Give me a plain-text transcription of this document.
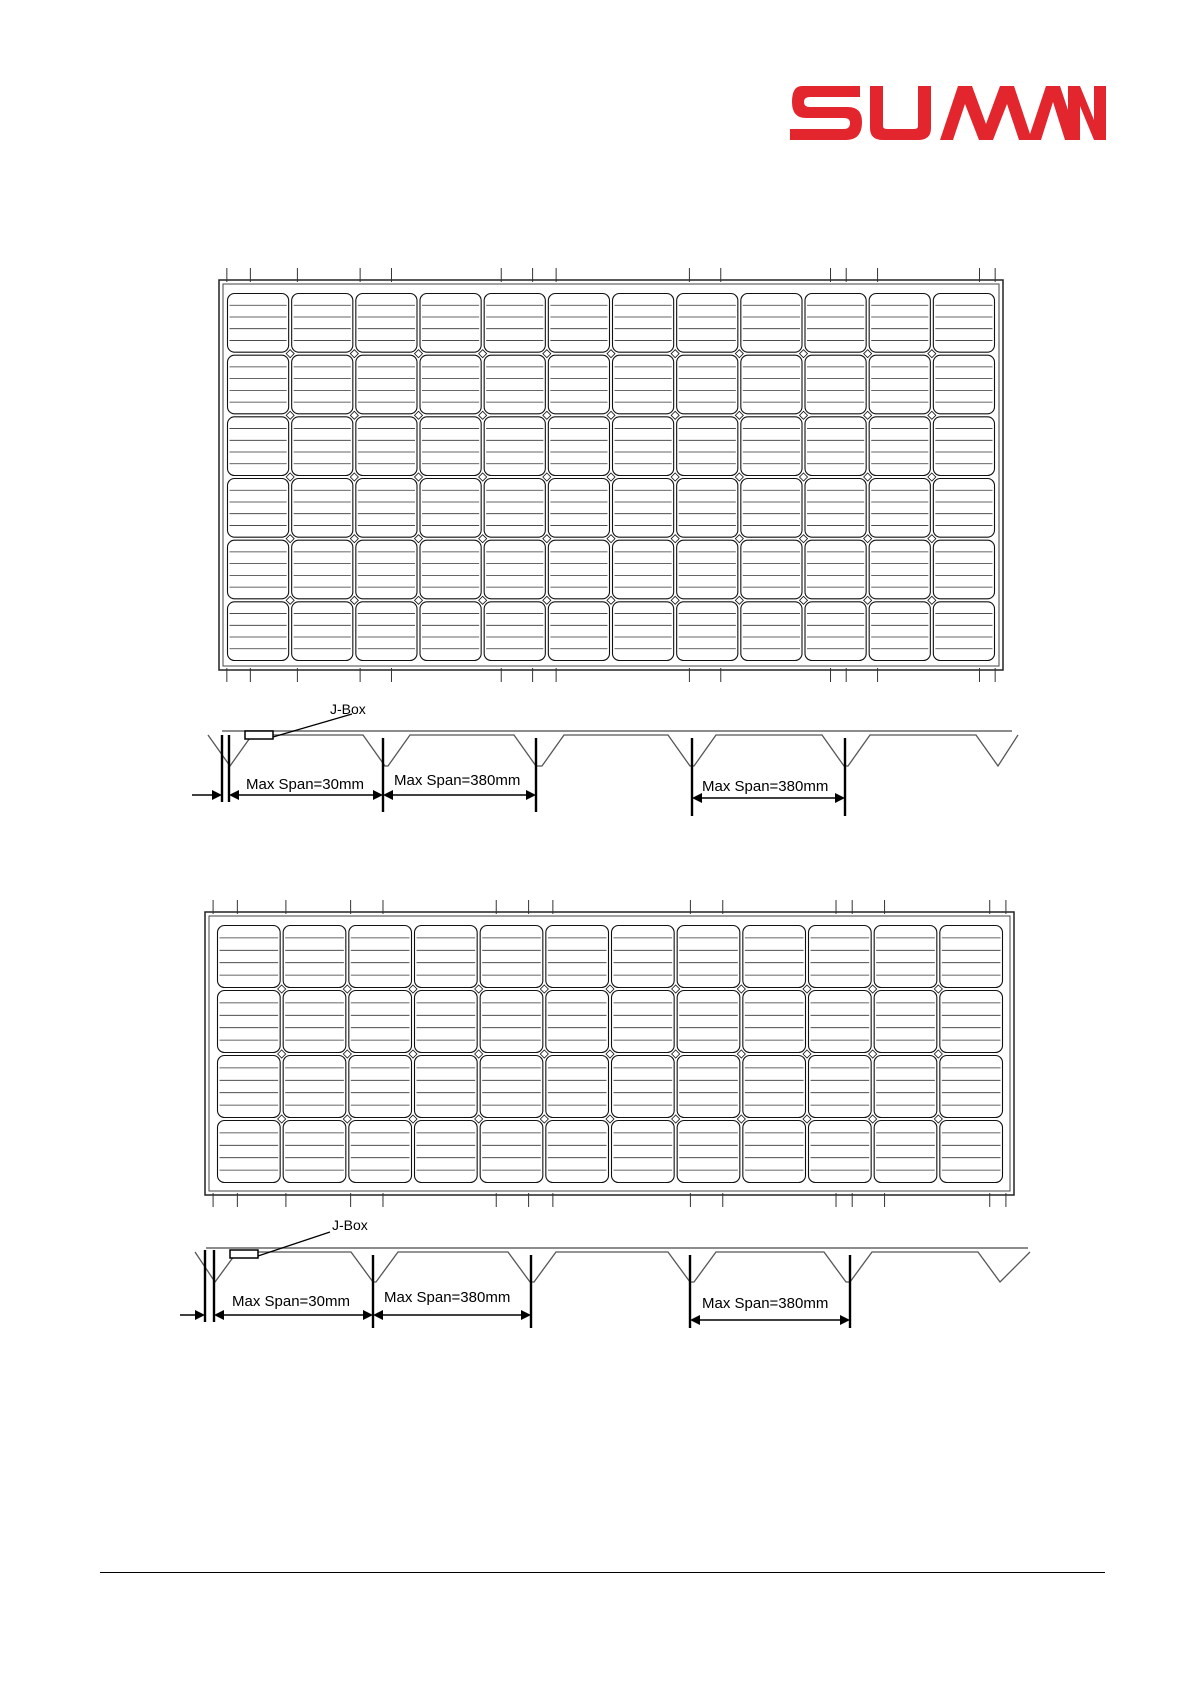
J-Box
Max Span=30mm Max Span=380mm	Max Span=380mm
J-Box
Max Span=30mm Max Span=380mm	Max Span=380mm
